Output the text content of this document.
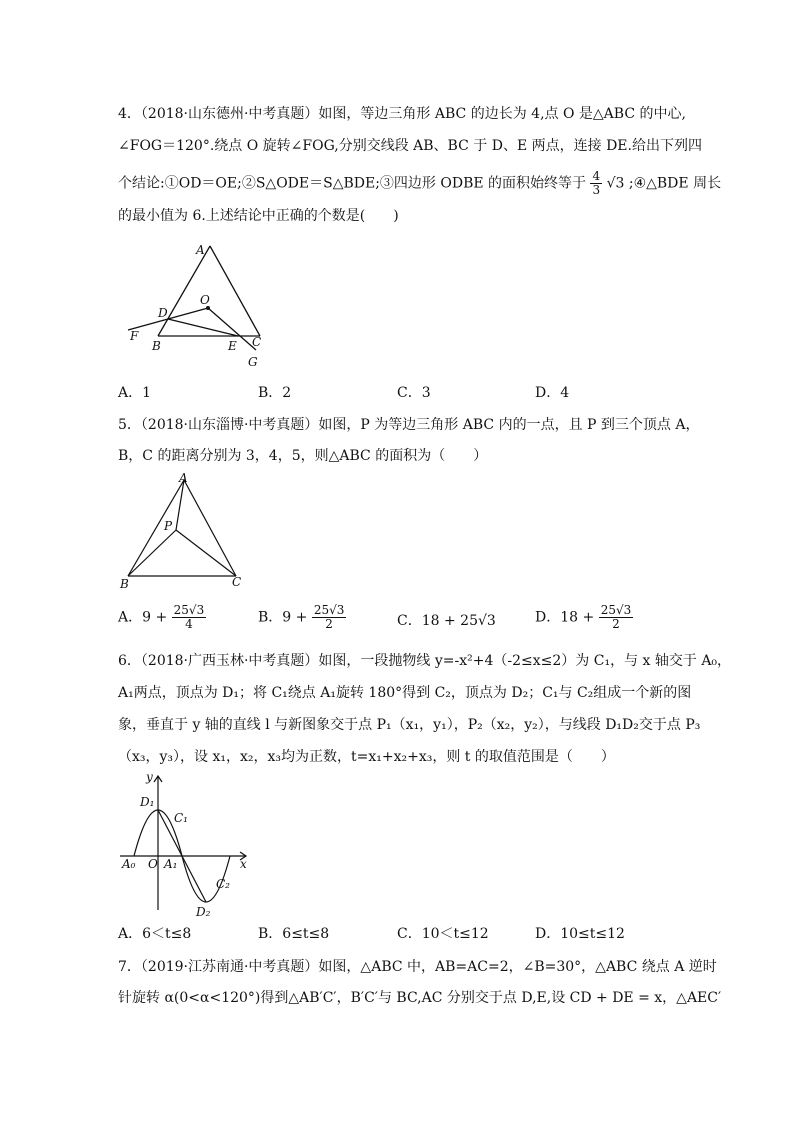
4．（2018·山东德州·中考真题）如图，等边三角形 ABC 的边长为 4,点 O 是△ABC 的中心,
∠FOG＝120°.绕点 O 旋转∠FOG,分别交线段 AB、BC 于 D、E 两点，连接 DE.给出下列四
个结论:①OD＝OE;②S△ODE＝S△BDE;③四边形 ODBE 的面积始终等于 $\frac{4}{3} √3$ ;④△BDE 周长
的最小值为 6.上述结论中正确的个数是(　　)
A
O
D
F
B	E C
G
A．1	B．2	C．3	D．4
5．（2018·山东淄博·中考真题）如图，P 为等边三角形 ABC 内的一点，且 P 到三个顶点 A，
B，C 的距离分别为 3，4，5，则△ABC 的面积为（　　）
A
P
B	C
A．$9 + \frac{25√3}{4}$	B．$9 + \frac{25√3}{2}$	C．18 + 25√3	D．$18 + \frac{25√3}{2}$
6．（2018·广西玉林·中考真题）如图，一段抛物线 y=-x²+4（-2≤x≤2）为 C₁，与 x 轴交于 A₀，
A₁两点，顶点为 D₁；将 C₁绕点 A₁旋转 180°得到 C₂，顶点为 D₂；C₁与 C₂组成一个新的图
象，垂直于 y 轴的直线 l 与新图象交于点 P₁（x₁，y₁），P₂（x₂，y₂），与线段 D₁D₂交于点 P₃
（x₃，y₃），设 x₁，x₂，x₃均为正数，t=x₁+x₂+x₃，则 t 的取值范围是（　　）
y
D₁
C₁
A₀ O A₁	x
C₂
D₂
A．6＜t≤8	B．6≤t≤8	C．10＜t≤12	D．10≤t≤12
7．（2019·江苏南通·中考真题）如图，△ABC 中，AB=AC=2，∠B=30°，△ABC 绕点 A 逆时
针旋转 α(0<α<120°)得到△AB′C′，B′C′与 BC,AC 分别交于点 D,E,设 CD + DE = x，△AEC′
